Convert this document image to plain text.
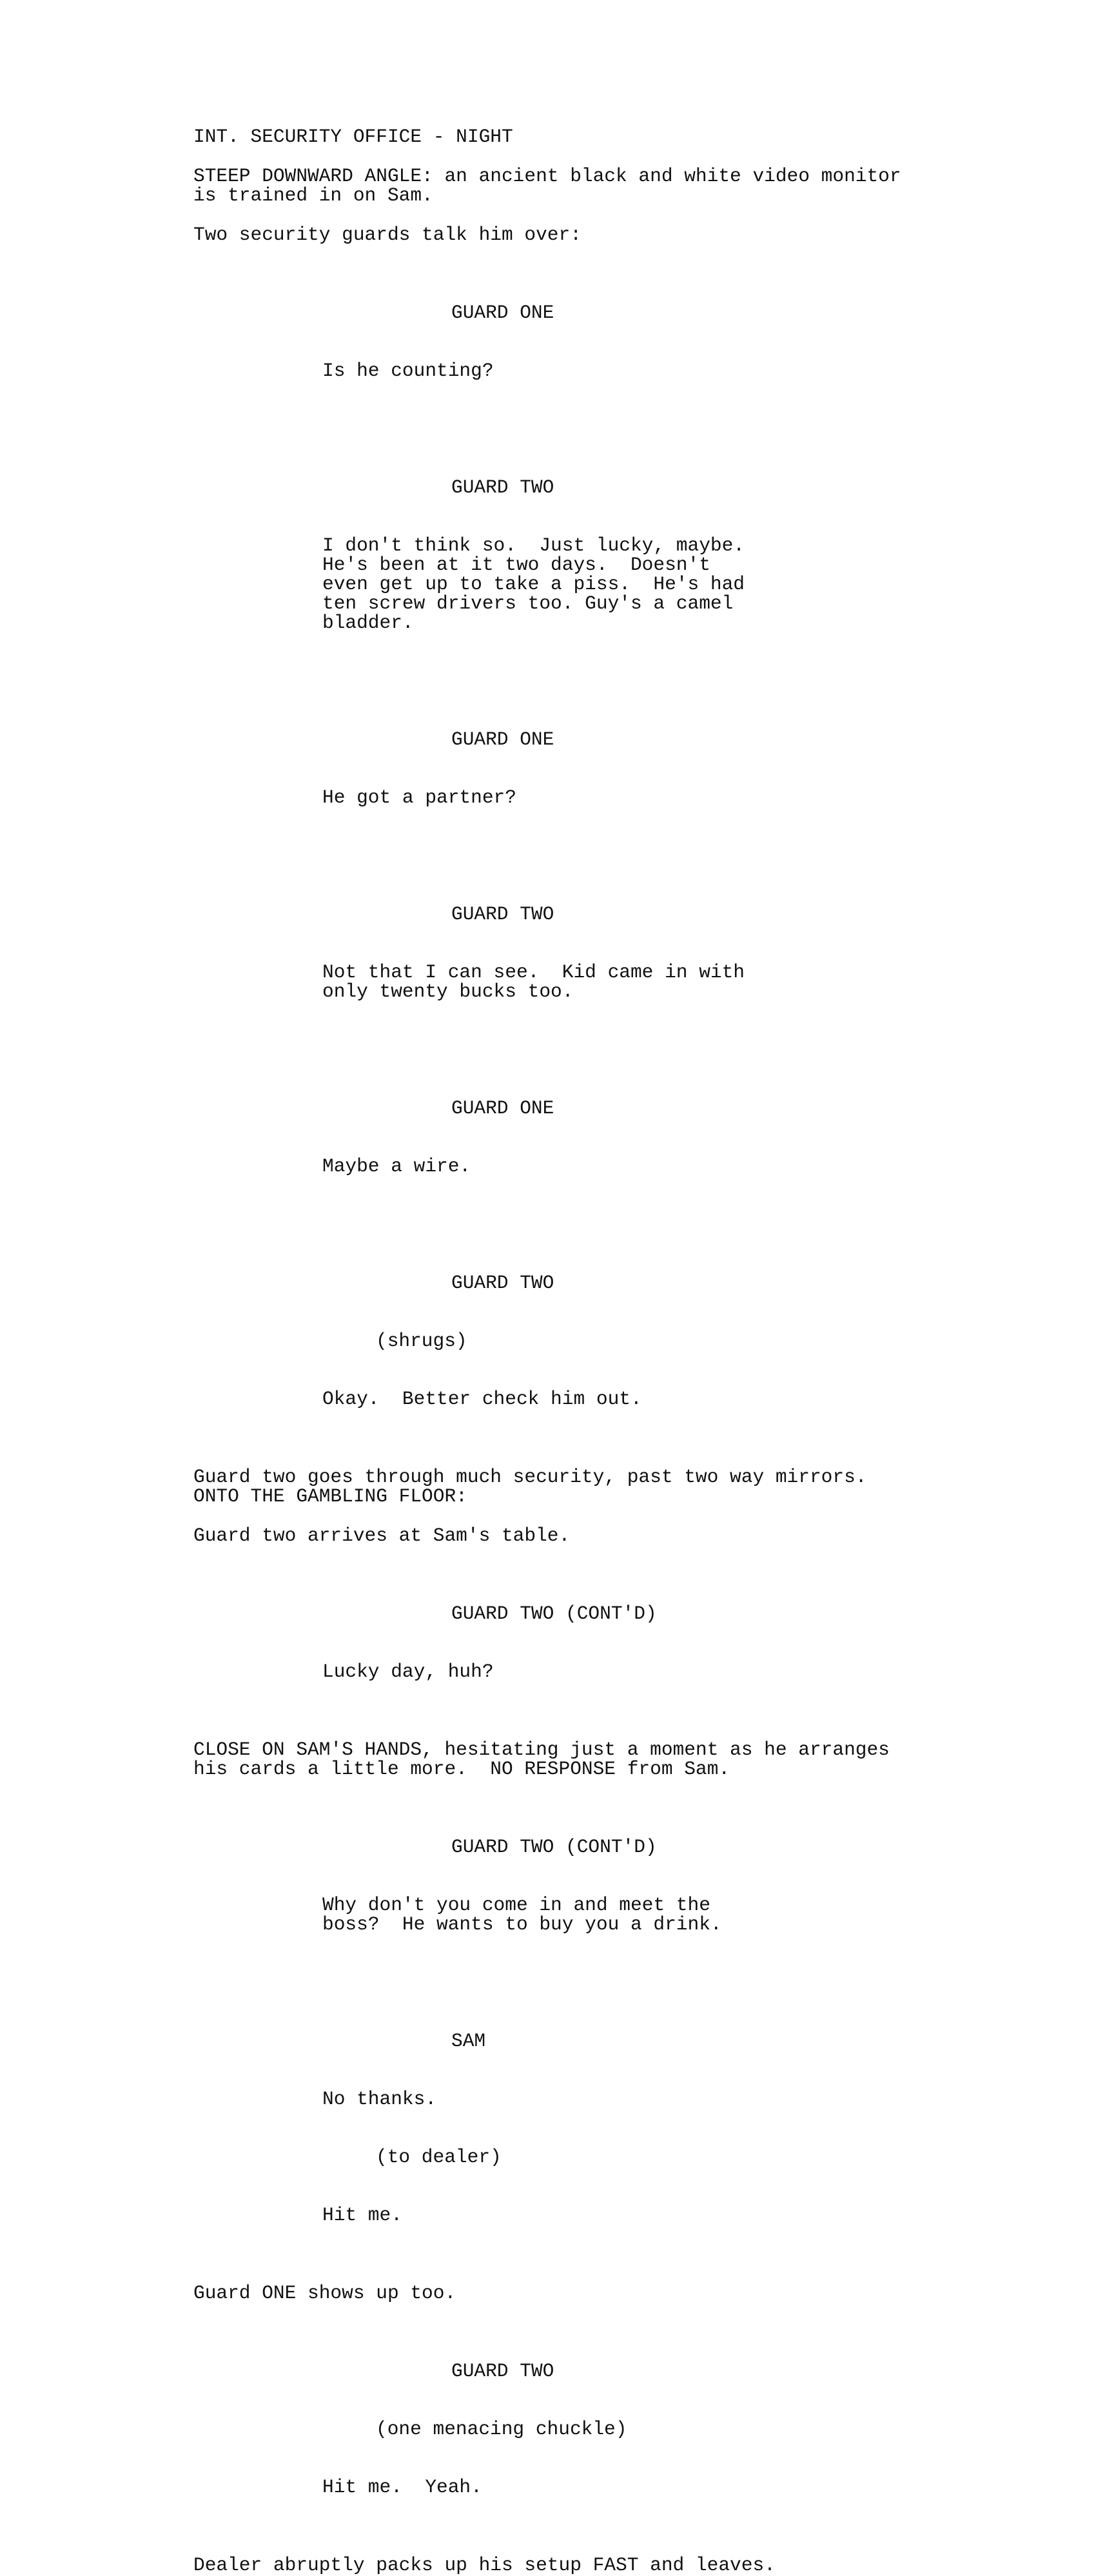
INT. SECURITY OFFICE - NIGHT
STEEP DOWNWARD ANGLE: an ancient black and white video monitor
is trained in on Sam.
Two security guards talk him over:

GUARD ONE

Is he counting?

GUARD TWO

I don't think so.  Just lucky, maybe.
He's been at it two days.  Doesn't
even get up to take a piss.  He's had
ten screw drivers too. Guy's a camel
bladder.

GUARD ONE

He got a partner?

GUARD TWO

Not that I can see.  Kid came in with
only twenty bucks too.

GUARD ONE

Maybe a wire.

GUARD TWO

(shrugs)

Okay.  Better check him out.

Guard two goes through much security, past two way mirrors.
ONTO THE GAMBLING FLOOR:
Guard two arrives at Sam's table.

GUARD TWO (CONT'D)

Lucky day, huh?

CLOSE ON SAM'S HANDS, hesitating just a moment as he arranges
his cards a little more.  NO RESPONSE from Sam.

GUARD TWO (CONT'D)

Why don't you come in and meet the
boss?  He wants to buy you a drink.

SAM

No thanks.

(to dealer)

Hit me.

Guard ONE shows up too.

GUARD TWO

(one menacing chuckle)

Hit me.  Yeah.

Dealer abruptly packs up his setup FAST and leaves.
